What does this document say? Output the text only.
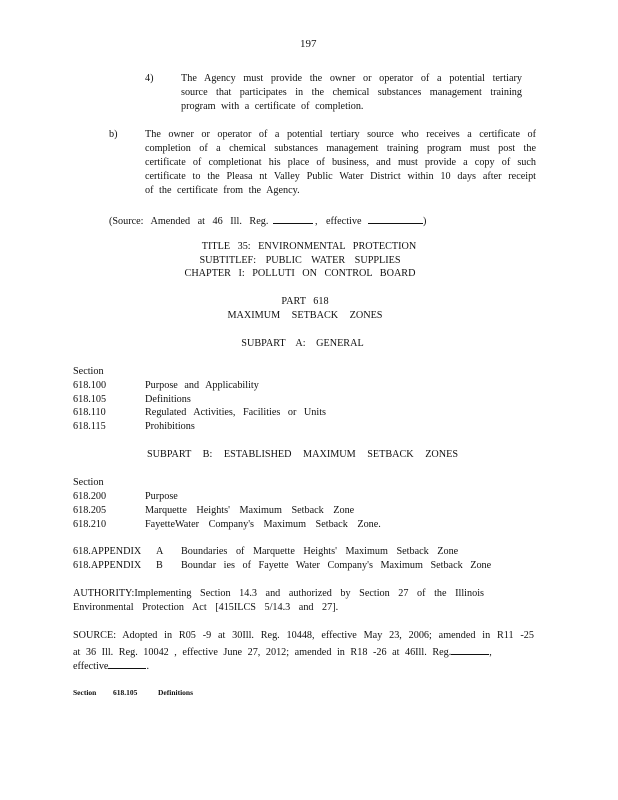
197
4)	The Agency must provide the owner or operator of a potential tertiary
source that participates in the chemical substances management training
program with a certificate of completion.
b)	The owner or operator of a potential tertiary source who receives a certificate of
completion of a chemical substances management training program must post the
certificate of completionat his place of business, and must provide a copy of such
certificate to the Pleasa nt Valley Public Water District within 10 days after receipt
of the certificate from the Agency.
(Source: Amended at 46 Ill. Reg.	, effective	)
TITLE 35: ENVIRONMENTAL PROTECTION
SUBTITLEF: PUBLIC WATER SUPPLIES
CHAPTER I: POLLUTI ON CONTROL BOARD
PART 618
MAXIMUM SETBACK ZONES
SUBPART A: GENERAL
Section
618.100	Purpose and Applicability
618.105	Definitions
618.110	Regulated Activities, Facilities or Units
618.115	Prohibitions
SUBPART B: ESTABLISHED MAXIMUM SETBACK ZONES
Section
618.200	Purpose
618.205	Marquette Heights' Maximum Setback Zone
618.210	FayetteWater Company's Maximum Setback Zone.
618.APPENDIX A Boundaries of Marquette Heights' Maximum Setback Zone
618.APPENDIX B Boundar ies of Fayette Water Company's Maximum Setback Zone
AUTHORITY:Implementing Section 14.3 and authorized by Section 27 of the Illinois
Environmental Protection Act [415ILCS 5/14.3 and 27].
SOURCE: Adopted in R05 -9 at 30Ill. Reg. 10448, effective May 23, 2006; amended in R11 -25
at 36 Ill. Reg. 10042 , effective June 27, 2012; amended in R18 -26 at 46Ill. Reg.	,
effective	.
Section 618.105	Definitions
